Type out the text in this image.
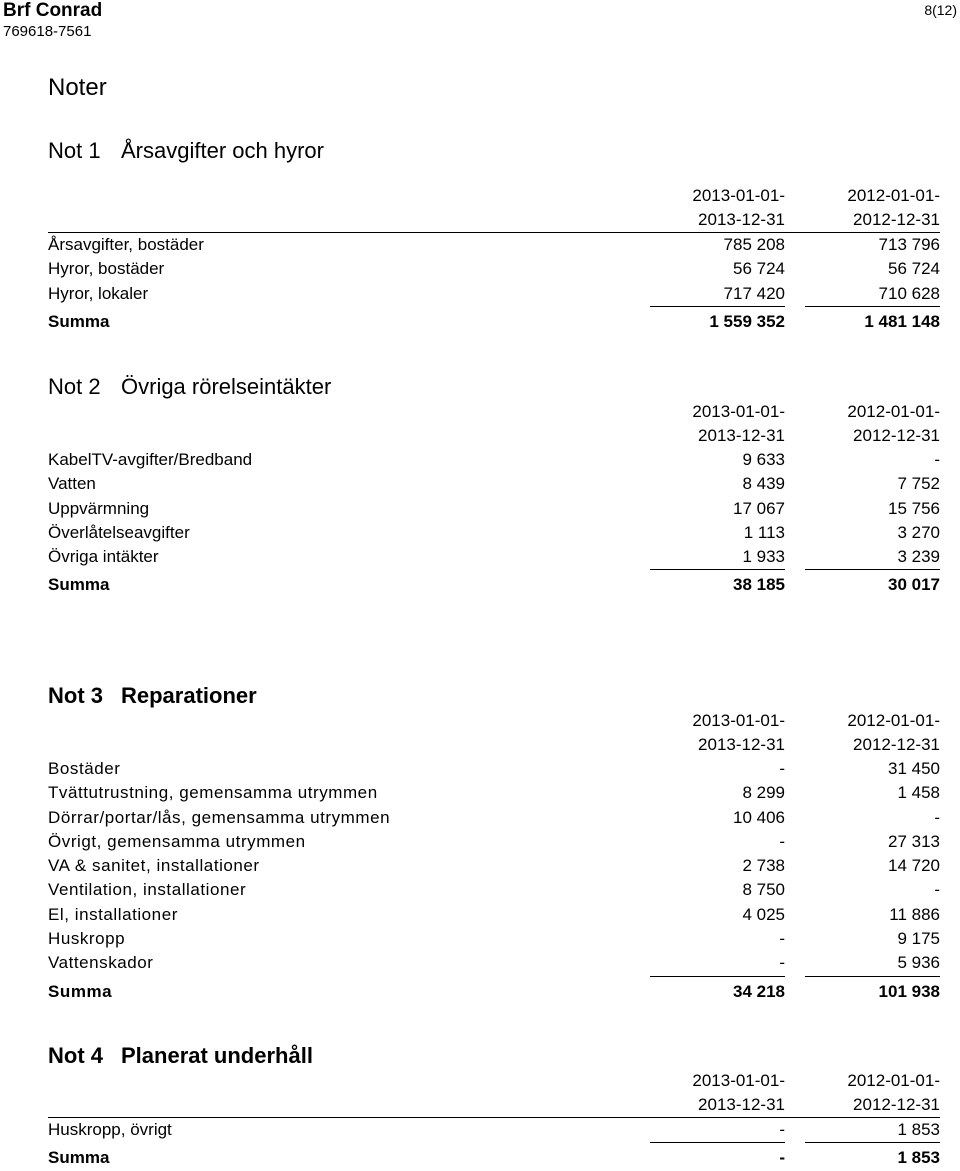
Brf Conrad
769618-7561
8(12)
Noter
Not 1 Årsavgifter och hyror
2013-01-01-
2013-12-31
2012-01-01-
2012-12-31
Årsavgifter, bostäder	785 208	713 796
Hyror, bostäder	56 724	56 724
Hyror, lokaler	717 420	710 628
Summa	1 559 352	1 481 148
Not 2 Övriga rörelseintäkter
2013-01-01-
2013-12-31
2012-01-01-
2012-12-31
KabelTV-avgifter/Bredband	9 633	-
Vatten	8 439	7 752
Uppvärmning	17 067	15 756
Överlåtelseavgifter	1 113	3 270
Övriga intäkter	1 933	3 239
Summa	38 185	30 017
Not 3 Reparationer
2013-01-01-
2013-12-31
2012-01-01-
2012-12-31
Bostäder	-	31 450
Tvättutrustning, gemensamma utrymmen	8 299	1 458
Dörrar/portar/lås, gemensamma utrymmen	10 406	-
Övrigt, gemensamma utrymmen	-	27 313
VA & sanitet, installationer	2 738	14 720
Ventilation, installationer	8 750	-
El, installationer	4 025	11 886
Huskropp	-	9 175
Vattenskador	-	5 936
Summa	34 218	101 938
Not 4 Planerat underhåll
2013-01-01-
2013-12-31
2012-01-01-
2012-12-31
Huskropp, övrigt	-	1 853
Summa	-	1 853
